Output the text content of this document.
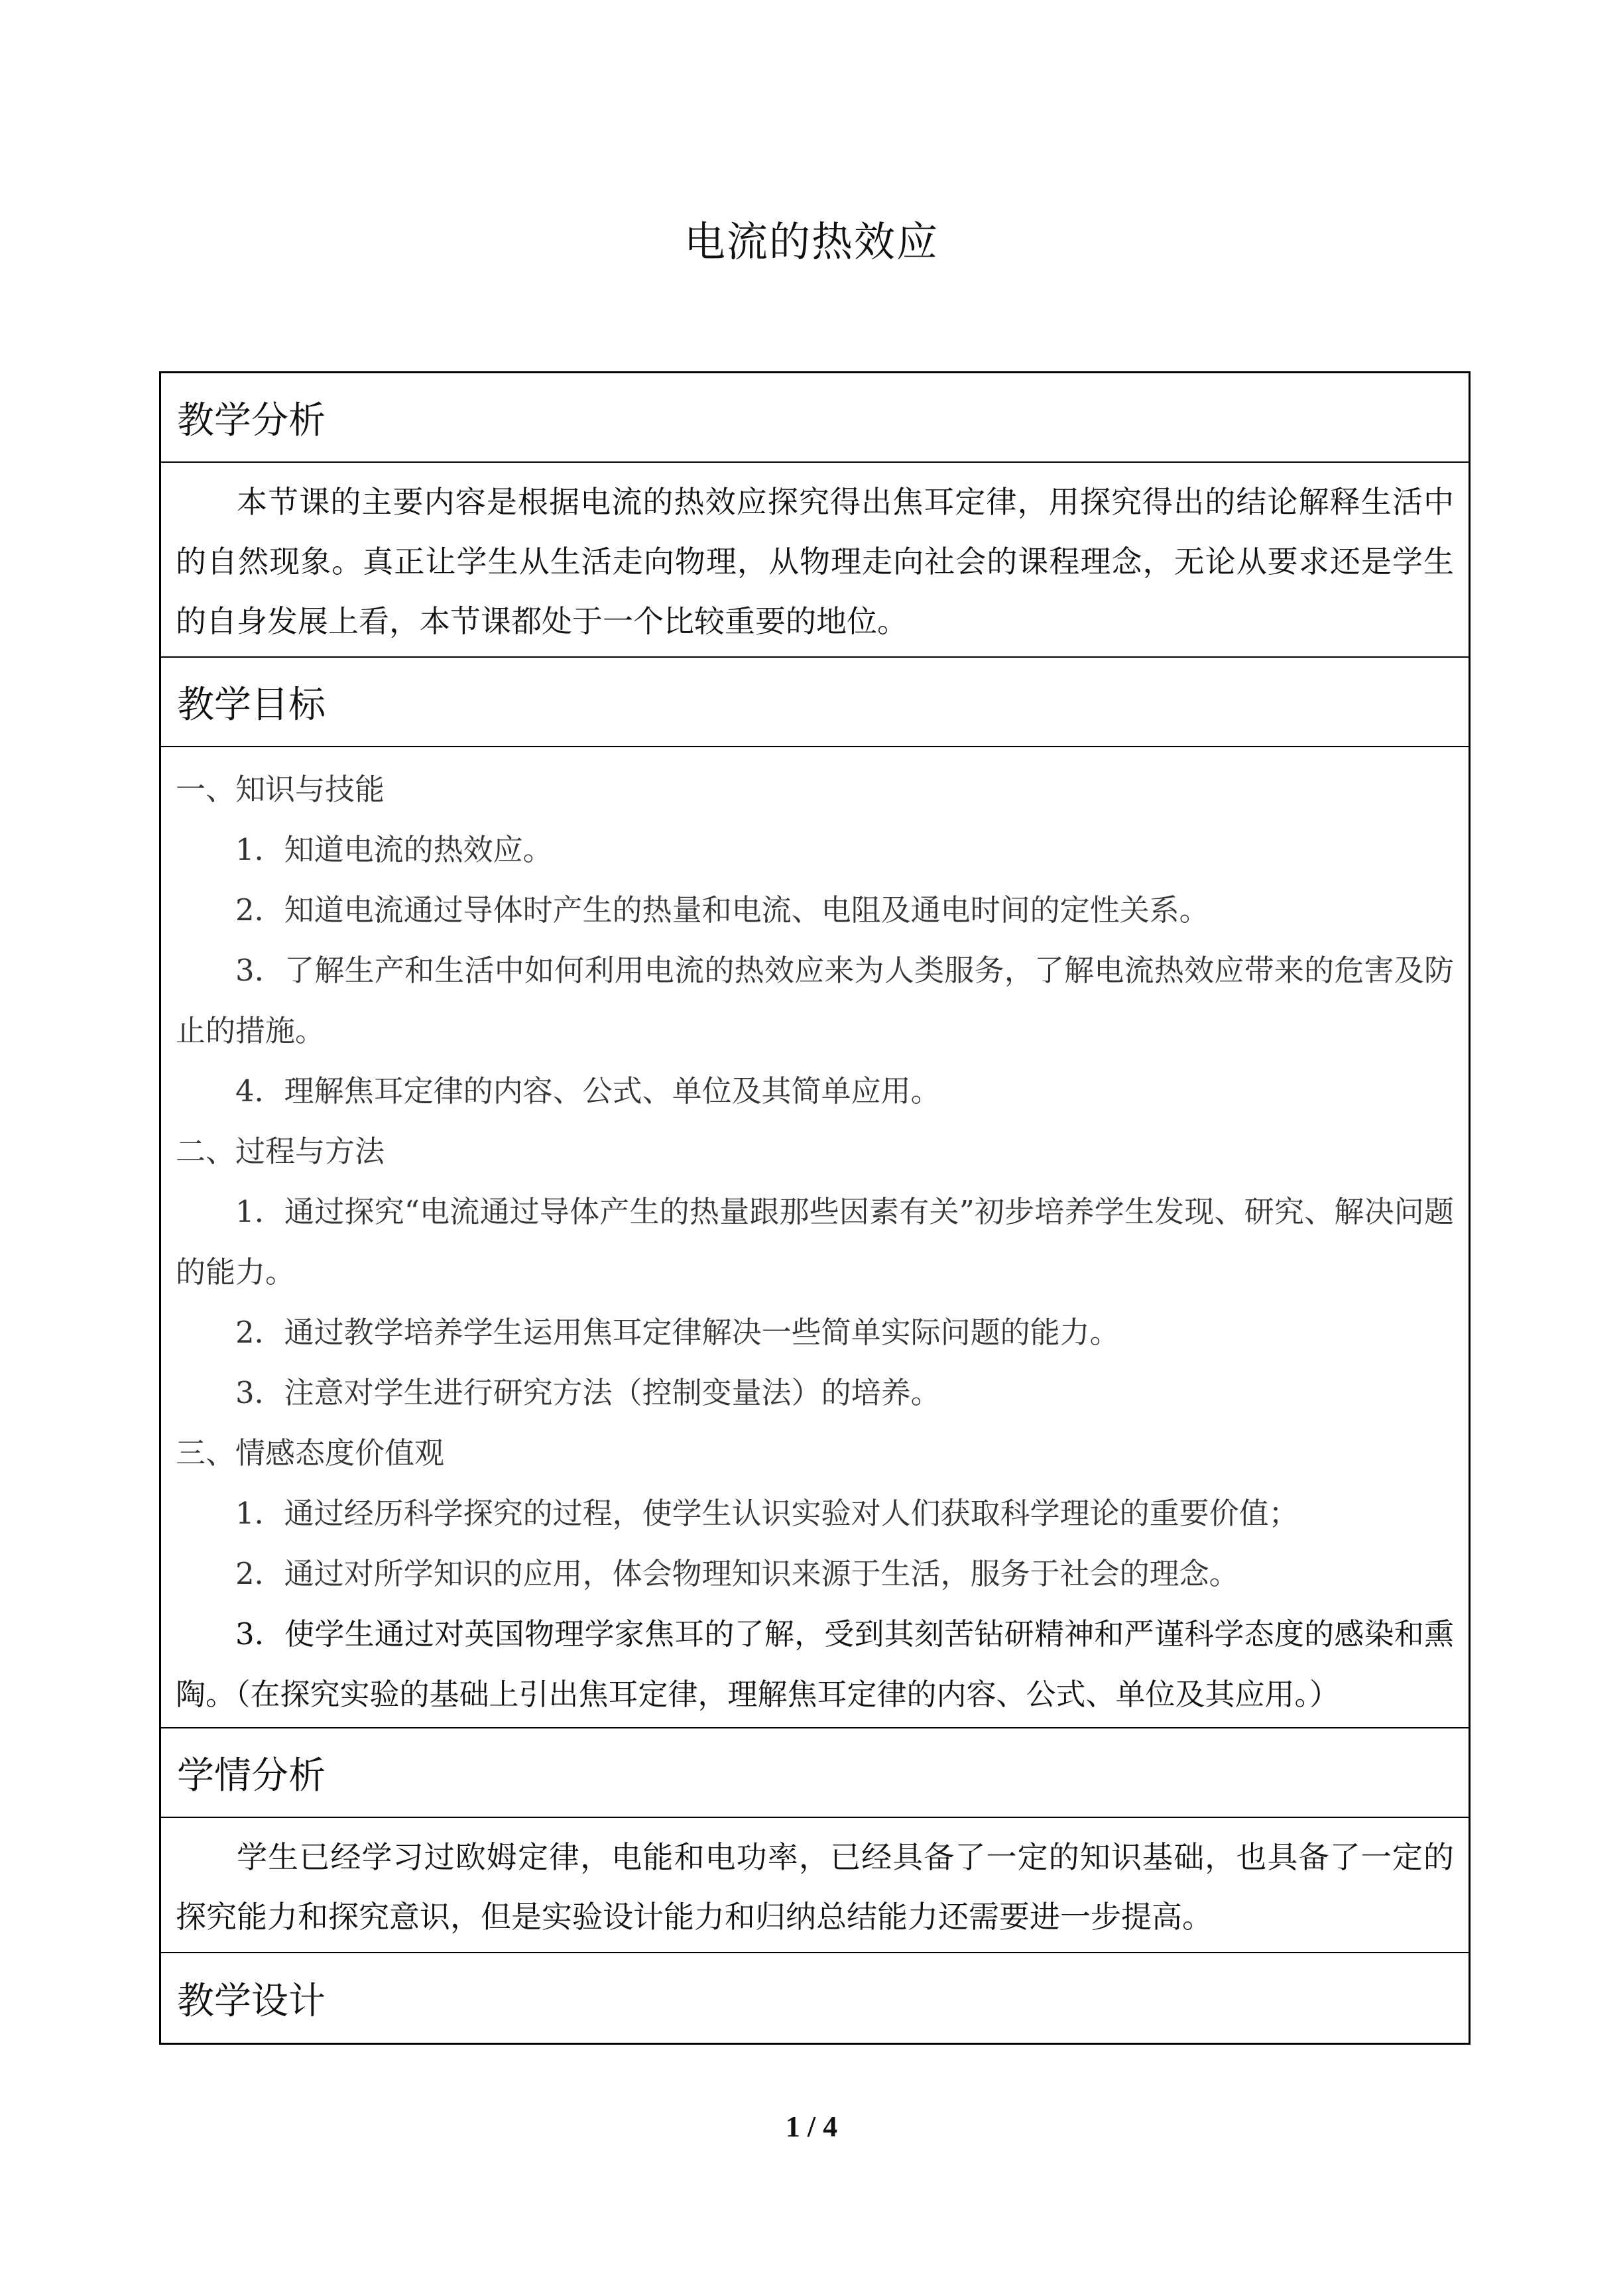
电流的热效应
教学分析

本节课的主要内容是根据电流的热效应探究得出焦耳定律，用探究得出的结论解释生活中的自然现象。真正让学生从生活走向物理，从物理走向社会的课程理念，无论从要求还是学生的自身发展上看，本节课都处于一个比较重要的地位。

教学目标

一、知识与技能

1．知道电流的热效应。

2．知道电流通过导体时产生的热量和电流、电阻及通电时间的定性关系。

3．了解生产和生活中如何利用电流的热效应来为人类服务，了解电流热效应带来的危害及防止的措施。

4．理解焦耳定律的内容、公式、单位及其简单应用。

二、过程与方法

1．通过探究“电流通过导体产生的热量跟那些因素有关”初步培养学生发现、研究、解决问题的能力。

2．通过教学培养学生运用焦耳定律解决一些简单实际问题的能力。

3．注意对学生进行研究方法（控制变量法）的培养。

三、情感态度价值观

1．通过经历科学探究的过程，使学生认识实验对人们获取科学理论的重要价值；

2．通过对所学知识的应用，体会物理知识来源于生活，服务于社会的理念。

3．使学生通过对英国物理学家焦耳的了解，受到其刻苦钻研精神和严谨科学态度的感染和熏陶。（在探究实验的基础上引出焦耳定律，理解焦耳定律的内容、公式、单位及其应用。）

学情分析

学生已经学习过欧姆定律，电能和电功率，已经具备了一定的知识基础，也具备了一定的探究能力和探究意识，但是实验设计能力和归纳总结能力还需要进一步提高。

教学设计
1 / 4
